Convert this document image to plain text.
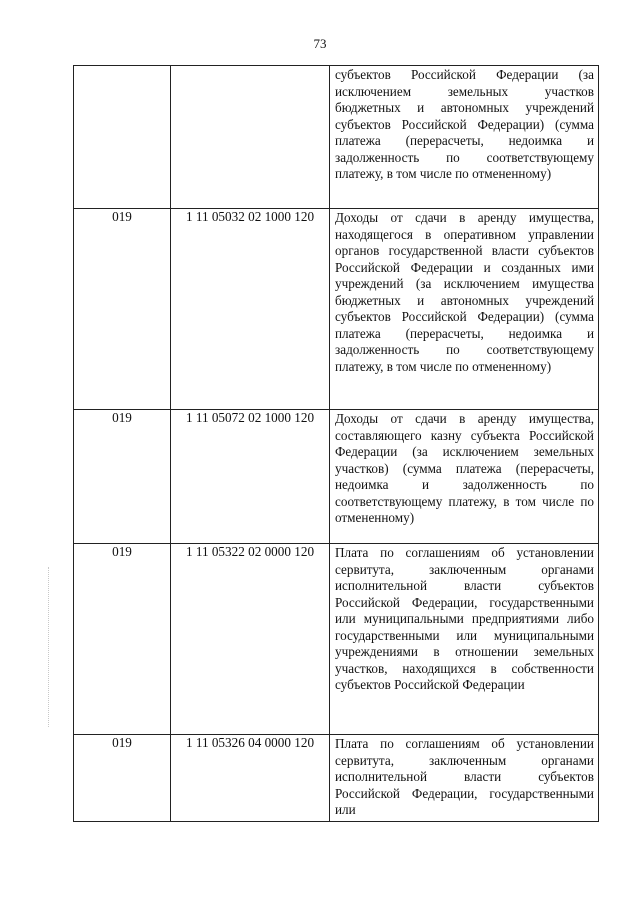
73

		субъектов Российской Федерации (за исключением земельных участков бюджетных и автономных учреждений субъектов Российской Федерации) (сумма платежа (перерасчеты, недоимка и задолженность по соответствующему платежу, в том числе по отмененному)

019	1 11 05032 02 1000 120	Доходы от сдачи в аренду имущества, находящегося в оперативном управлении органов государственной власти субъектов Российской Федерации и созданных ими учреждений (за исключением имущества бюджетных и автономных учреждений субъектов Российской Федерации) (сумма платежа (перерасчеты, недоимка и задолженность по соответствующему платежу, в том числе по отмененному)

019	1 11 05072 02 1000 120	Доходы от сдачи в аренду имущества, составляющего казну субъекта Российской Федерации (за исключением земельных участков) (сумма платежа (перерасчеты, недоимка и задолженность по соответствующему платежу, в том числе по отмененному)

019	1 11 05322 02 0000 120	Плата по соглашениям об установлении сервитута, заключенным органами исполнительной власти субъектов Российской Федерации, государственными или муниципальными предприятиями либо государственными или муниципальными учреждениями в отношении земельных участков, находящихся в собственности субъектов Российской Федерации

019	1 11 05326 04 0000 120	Плата по соглашениям об установлении сервитута, заключенным органами исполнительной власти субъектов Российской Федерации, государственными или
